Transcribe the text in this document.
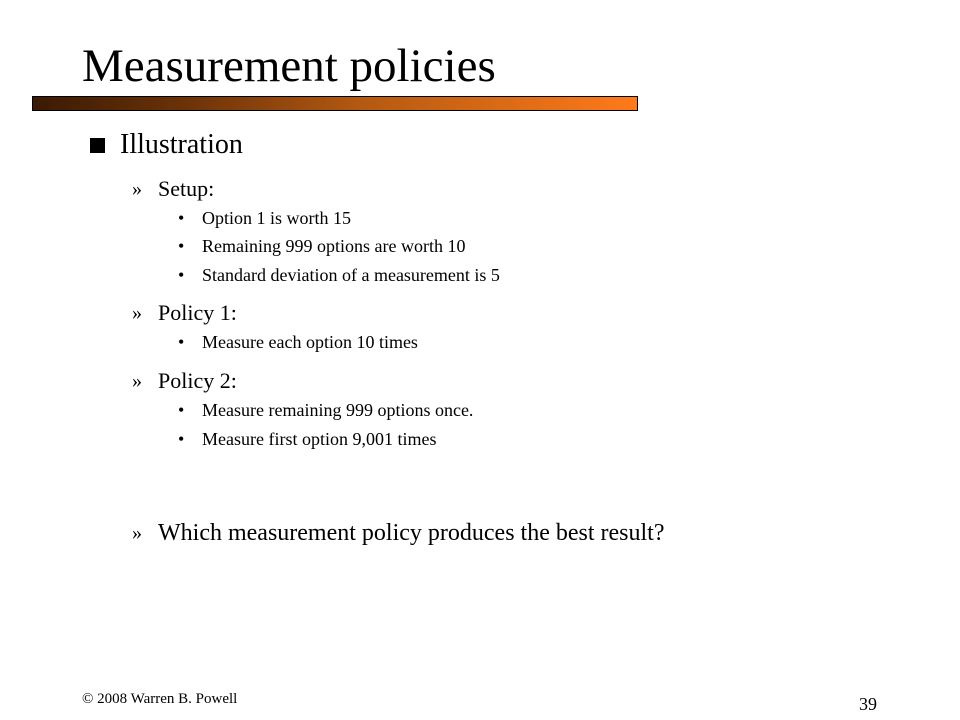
Measurement policies
Illustration
» Setup:
• Option 1 is worth 15
• Remaining 999 options are worth 10
• Standard deviation of a measurement is 5
» Policy 1:
• Measure each option 10 times
» Policy 2:
• Measure remaining 999 options once.
• Measure first option 9,001 times
» Which measurement policy produces the best result?
© 2008 Warren B. Powell	39
